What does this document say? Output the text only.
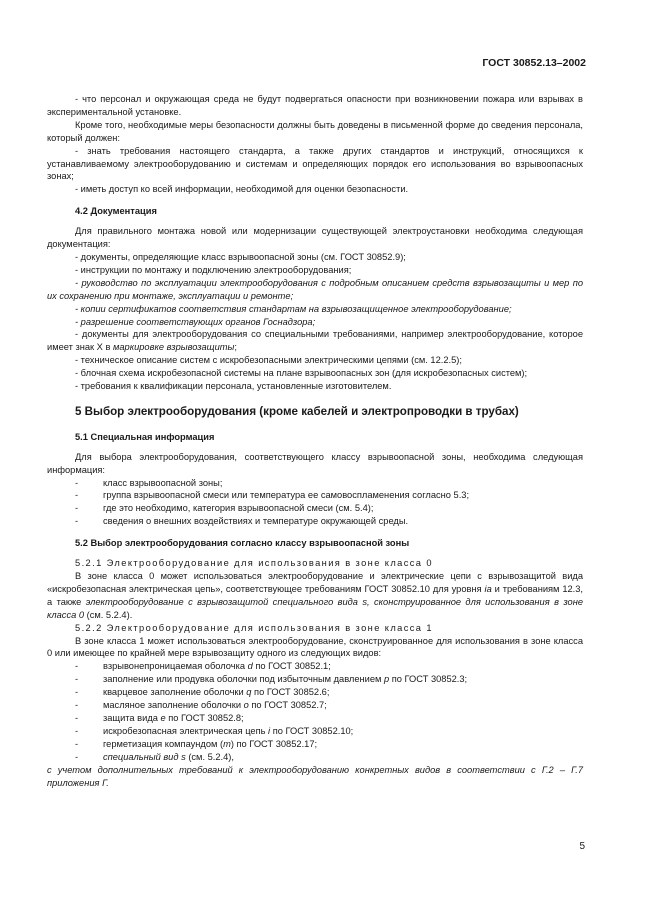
ГОСТ 30852.13–2002

- что персонал и окружающая среда не будут подвергаться опасности при возникновении пожара или взрывах в экспериментальной установке.

Кроме того, необходимые меры безопасности должны быть доведены в письменной форме до сведения персонала, который должен:

- знать требования настоящего стандарта, а также других стандартов и инструкций, относящихся к устанавливаемому электрооборудованию и системам и определяющих порядок его использования во взрывоопасных зонах;

- иметь доступ ко всей информации, необходимой для оценки безопасности.

4.2 Документация

Для правильного монтажа новой или модернизации существующей электроустановки необходима следующая документация:

- документы, определяющие класс взрывоопасной зоны (см. ГОСТ 30852.9);

- инструкции по монтажу и подключению электрооборудования;

- руководство по эксплуатации электрооборудования с подробным описанием средств взрывозащиты и мер по их сохранению при монтаже, эксплуатации и ремонте;

- копии сертификатов соответствия стандартам на взрывозащищенное электрооборудование;

- разрешение соответствующих органов Госнадзора;

- документы для электрооборудования со специальными требованиями, например электрооборудование, которое имеет знак X в маркировке взрывозащиты;

- техническое описание систем с искробезопасными электрическими цепями (см. 12.2.5);

- блочная схема искробезопасной системы на плане взрывоопасных зон (для искробезопасных систем);

- требования к квалификации персонала, установленные изготовителем.

5 Выбор электрооборудования (кроме кабелей и электропроводки в трубах)
5.1 Специальная информация

Для выбора электрооборудования, соответствующего классу взрывоопасной зоны, необходима следующая информация:

-	класс взрывоопасной зоны;
-	группа взрывоопасной смеси или температура ее самовоспламенения согласно 5.3;
-	где это необходимо, категория взрывоопасной смеси (см. 5.4);
-	сведения о внешних воздействиях и температуре окружающей среды.
5.2 Выбор электрооборудования согласно классу взрывоопасной зоны

5.2.1 Электрооборудование для использования в зоне класса 0

В зоне класса 0 может использоваться электрооборудование и электрические цепи с взрывозащитой вида «искробезопасная электрическая цепь», соответствующее требованиям ГОСТ 30852.10 для уровня ia и требованиям 12.3, а также электрооборудование с взрывозащитой специального вида s, сконструированное для использования в зоне класса 0 (см. 5.2.4).

5.2.2 Электрооборудование для использования в зоне класса 1

В зоне класса 1 может использоваться электрооборудование, сконструированное для использования в зоне класса 0 или имеющее по крайней мере взрывозащиту одного из следующих видов:

-	взрывонепроницаемая оболочка d по ГОСТ 30852.1;
-	заполнение или продувка оболочки под избыточным давлением p по ГОСТ 30852.3;
-	кварцевое заполнение оболочки q по ГОСТ 30852.6;
-	масляное заполнение оболочки o по ГОСТ 30852.7;
-	защита вида e по ГОСТ 30852.8;
-	искробезопасная электрическая цепь i по ГОСТ 30852.10;
-	герметизация компаундом (m) по ГОСТ 30852.17;
-	специальный вид s (см. 5.2.4),

с учетом дополнительных требований к электрооборудованию конкретных видов в соответствии с Г.2 – Г.7 приложения Г.

5
